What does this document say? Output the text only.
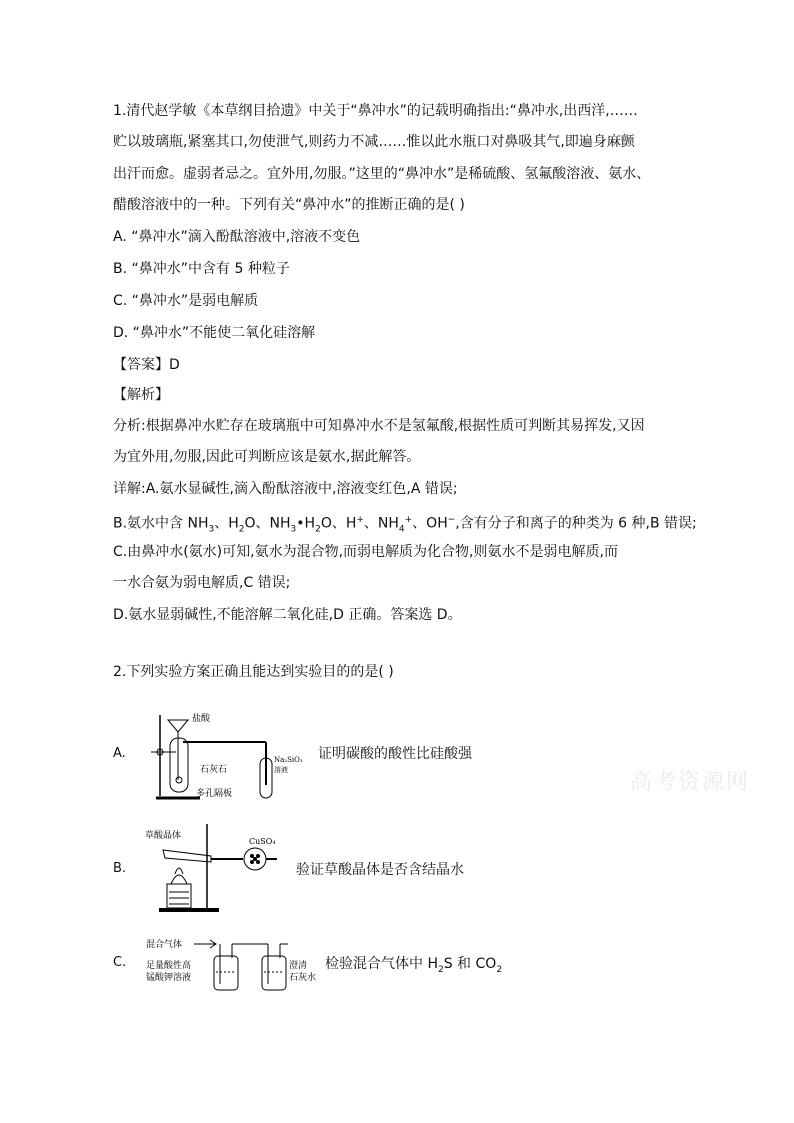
1.清代赵学敏《本草纲目拾遗》中关于“鼻冲水”的记载明确指出:“鼻冲水,出西洋,……
贮以玻璃瓶,紧塞其口,勿使泄气,则药力不减……惟以此水瓶口对鼻吸其气,即遍身麻颤
出汗而愈。虚弱者忌之。宜外用,勿服。”这里的“鼻冲水”是稀硫酸、氢氟酸溶液、氨水、
醋酸溶液中的一种。下列有关“鼻冲水”的推断正确的是( )
A. “鼻冲水”滴入酚酞溶液中,溶液不变色
B. “鼻冲水”中含有 5 种粒子
C. “鼻冲水”是弱电解质
D. “鼻冲水”不能使二氧化硅溶解
【答案】D
【解析】
分析:根据鼻冲水贮存在玻璃瓶中可知鼻冲水不是氢氟酸,根据性质可判断其易挥发,又因
为宜外用,勿服,因此可判断应该是氨水,据此解答。
详解:A.氨水显碱性,滴入酚酞溶液中,溶液变红色,A 错误;
B.氨水中含 $NH_3$、$H_2O$、$NH_3•H_2O$、H+、$NH_4^+$、OH−,含有分子和离子的种类为 6 种,B 错误;
C.由鼻冲水(氨水)可知,氨水为混合物,而弱电解质为化合物,则氨水不是弱电解质,而
一水合氨为弱电解质,C 错误;
D.氨水显弱碱性,不能溶解二氧化硅,D 正确。答案选 D。
2.下列实验方案正确且能达到实验目的的是( )
A.
盐酸
石灰石
多孔隔板
Na₂SiO₃
溶液
证明碳酸的酸性比硅酸强
B.
草酸晶体
CuSO₄
验证草酸晶体是否含结晶水
C.
混合气体
足量酸性高
锰酸钾溶液
澄清
石灰水
检验混合气体中 $H_2S$ 和 $CO_2$
高考资源网
